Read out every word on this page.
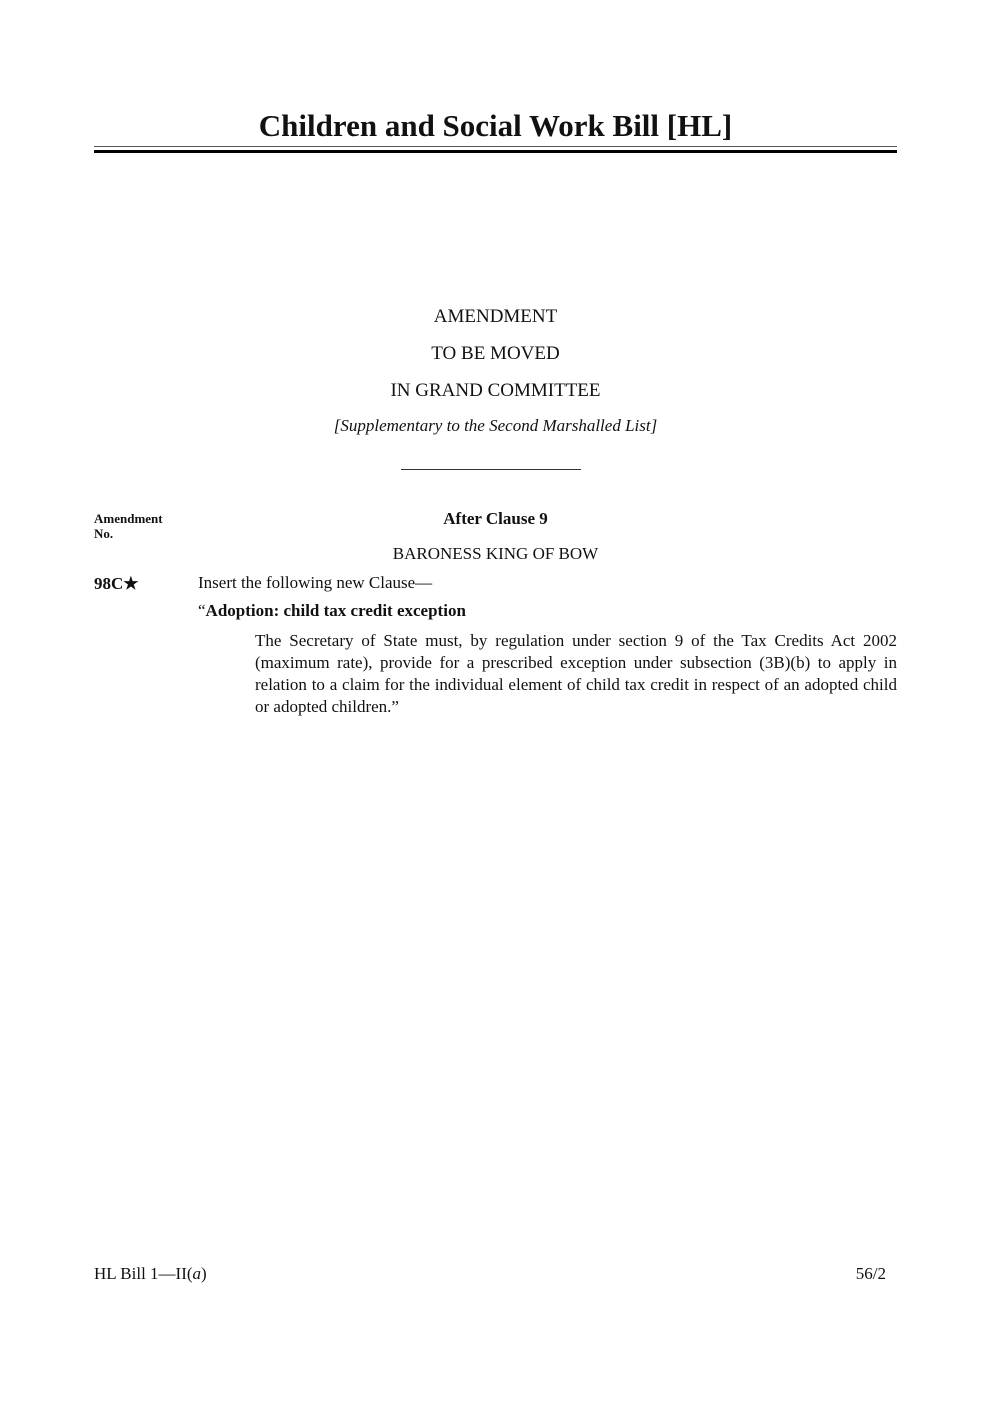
Children and Social Work Bill [HL]
AMENDMENT
TO BE MOVED
IN GRAND COMMITTEE
[Supplementary to the Second Marshalled List]
Amendment No.
After Clause 9
BARONESS KING OF BOW
98C★	Insert the following new Clause—
“Adoption: child tax credit exception
The Secretary of State must, by regulation under section 9 of the Tax Credits Act 2002 (maximum rate), provide for a prescribed exception under subsection (3B)(b) to apply in relation to a claim for the individual element of child tax credit in respect of an adopted child or adopted children.”
HL Bill 1—II(a)	56/2
